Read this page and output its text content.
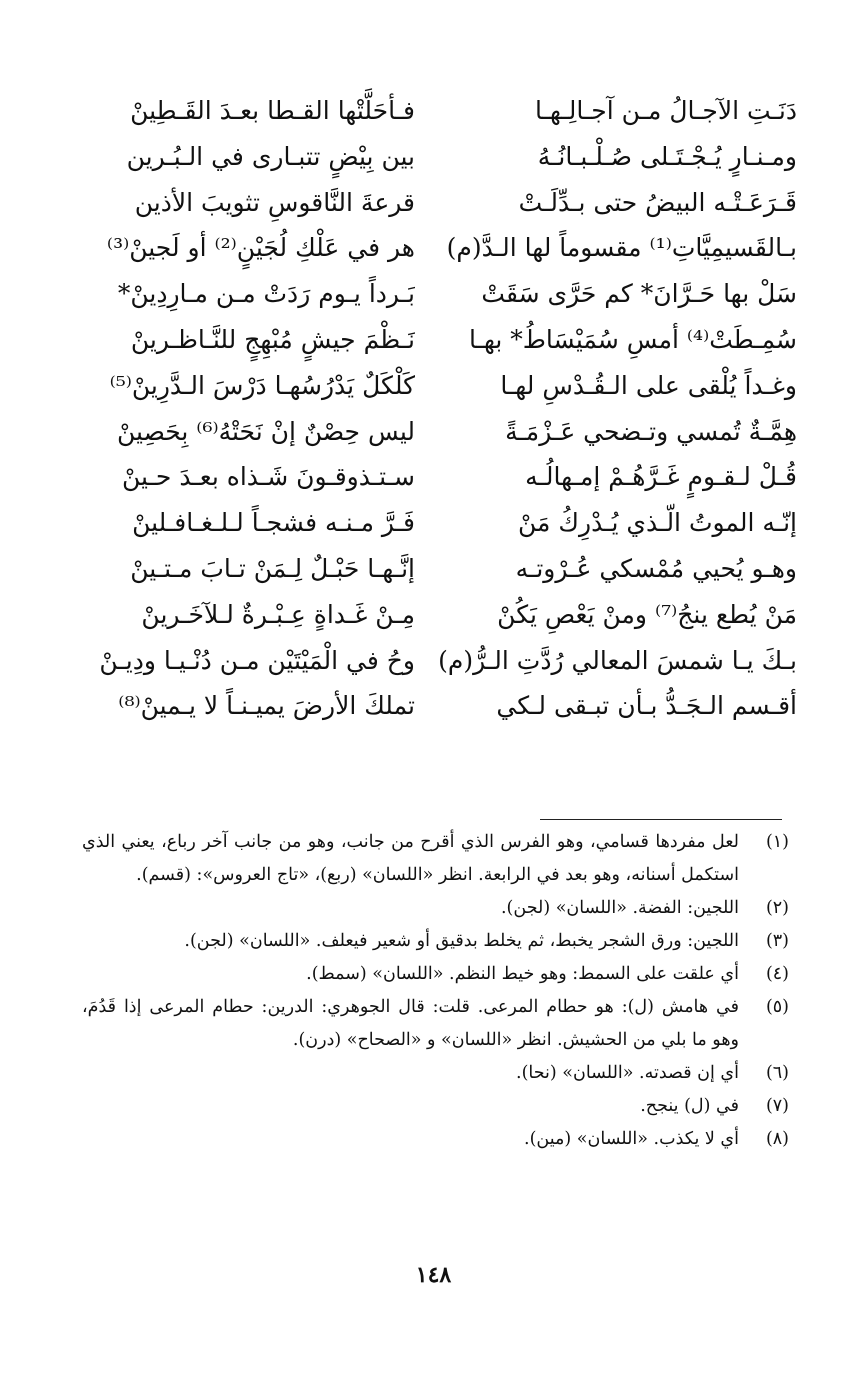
دَنَـتِ الآجـالُ مـن آجـالِـهـا
فـأحَلَّتْها القـطا بعـدَ القَـطِينْ
ومـنـارٍ يُـجْـتَـلى صُـلْـبـانُـهُ
بين بِيْضٍ تتبـارى في الـبُـرين
قَـرَعَـتْـه البيضُ حتى بـدِّلَـتْ
قرعةَ النَّاقوسِ تثويبَ الأذين
بـالقَسيمِيَّاتِ⁽¹⁾ مقسوماً لها الـدَّ(م)
هر في عَلْكِ لُجَيْنٍ⁽²⁾ أو لَجينْ⁽³⁾
سَلْ بها حَـرَّانَ* كم حَرَّى سَقَتْ
بَـرداً يـوم رَدَتْ مـن مـارِدِينْ*
سُمِـطَتْ⁽⁴⁾ أمسِ سُمَيْسَاطُ* بهـا
نَـظْمَ جيشٍ مُبْهِجٍ للنَّـاظـرينْ
وغـداً يُلْقى على الـقُـدْسِ لهـا
كَلْكَلٌ يَدْرُسُهـا دَرْسَ الـدَّرِينْ⁽⁵⁾
هِمَّـةٌ تُمسي وتـضحي عَـزْمَـةً
ليس حِصْنٌ إنْ نَحَتْهُ⁽⁶⁾ بِحَصِينْ
قُـلْ لـقـومٍ غَـرَّهُـمْ إمـهالُـه
سـتـذوقـونَ شَـذاه بعـدَ حـينْ
إنّـه الموتُ الّـذي يُـدْرِكُ مَنْ
فَـرَّ مـنـه فشجـاً لـلـغـافـلينْ
وهـو يُحيي مُمْسكي عُـرْوتـه
إنَّـهـا حَبْـلٌ لِـمَنْ تـابَ مـتـينْ
مَنْ يُطع ينجُ⁽⁷⁾ ومنْ يَعْصِ يَكُنْ
مِـنْ غَـداةٍ عِـبْـرةٌ لـلآخَـرينْ
بـكَ يـا شمسَ المعالي رُدَّتِ الـرُّ(م)
وحُ في الْمَيْتَيْن مـن دُنْـيـا ودِيـنْ
أقـسم الـجَـدُّ بـأن تبـقى لـكي
تملكَ الأرضَ يميـنـاً لا يـمينْ⁽⁸⁾
(١)
لعل مفردها قسامي، وهو الفرس الذي أقرح من جانب، وهو من جانب آخر رباع، يعني الذي استكمل أسنانه، وهو بعد في الرابعة. انظر «اللسان» (ربع)، «تاج العروس»: (قسم).
(٢)
اللجين: الفضة. «اللسان» (لجن).
(٣)
اللجين: ورق الشجر يخبط، ثم يخلط بدقيق أو شعير فيعلف. «اللسان» (لجن).
(٤)
أي علقت على السمط: وهو خيط النظم. «اللسان» (سمط).
(٥)
في هامش (ل): هو حطام المرعى. قلت: قال الجوهري: الدرين: حطام المرعى إذا قَدُمَ، وهو ما بلي من الحشيش. انظر «اللسان» و «الصحاح» (درن).
(٦)
أي إن قصدته. «اللسان» (نحا).
(٧)
في (ل) ينجح.
(٨)
أي لا يكذب. «اللسان» (مين).
١٤٨
